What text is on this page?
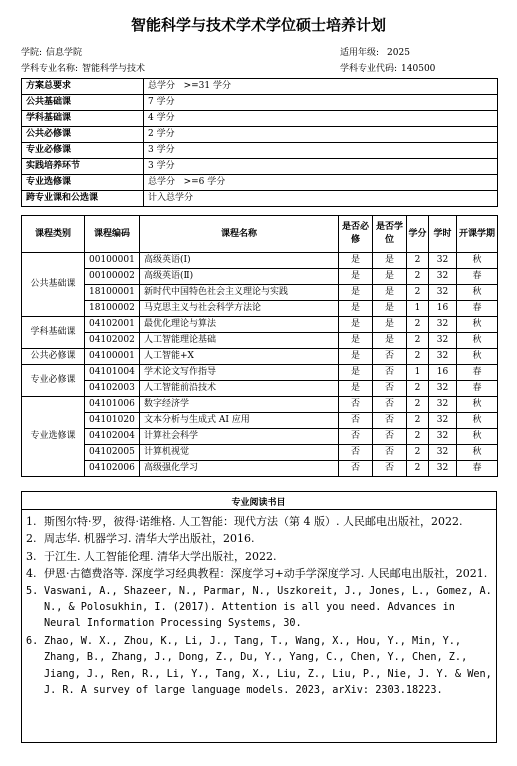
智能科学与技术学术学位硕士培养计划
学院: 信息学院	适用年级: 2025
学科专业名称: 智能科学与技术	学科专业代码: 140500
方案总要求	总学分   >=31 学分
公共基础课	7 学分
学科基础课	4 学分
公共必修课	2 学分
专业必修课	3 学分
实践培养环节	3 学分
专业选修课	总学分   >=6 学分
跨专业课和公选课	计入总学分
课程类别	课程编码	课程名称	是否必修	是否学位	学分	学时	开课学期
公共基础课	00100001	高级英语(Ⅰ)	是	是	2	32	秋
	00100002	高级英语(Ⅱ)	是	是	2	32	春
	18100001	新时代中国特色社会主义理论与实践	是	是	2	32	秋
	18100002	马克思主义与社会科学方法论	是	是	1	16	春
学科基础课	04102001	最优化理论与算法	是	是	2	32	秋
	04102002	人工智能理论基础	是	是	2	32	秋
公共必修课	04100001	人工智能+X	是	否	2	32	秋
专业必修课	04101004	学术论文写作指导	是	否	1	16	春
	04102003	人工智能前沿技术	是	否	2	32	春
专业选修课	04101006	数字经济学	否	否	2	32	秋
	04101020	文本分析与生成式 AI 应用	否	否	2	32	秋
	04102004	计算社会科学	否	否	2	32	秋
	04102005	计算机视觉	否	否	2	32	秋
	04102006	高级强化学习	否	否	2	32	春
专业阅读书目
1. 斯图尔特·罗，彼得·诺维格. 人工智能：现代方法（第 4 版）. 人民邮电出版社，2022.
2. 周志华. 机器学习. 清华大学出版社，2016.
3. 于江生. 人工智能伦理. 清华大学出版社，2022.
4. 伊恩·古德费洛等. 深度学习经典教程：深度学习+动手学深度学习. 人民邮电出版社，2021.
5. Vaswani, A., Shazeer, N., Parmar, N., Uszkoreit, J., Jones, L., Gomez, A. N., & Polosukhin, I. (2017). Attention is all you need. Advances in Neural Information Processing Systems, 30.
6. Zhao, W. X., Zhou, K., Li, J., Tang, T., Wang, X., Hou, Y., Min, Y., Zhang, B., Zhang, J., Dong, Z., Du, Y., Yang, C., Chen, Y., Chen, Z., Jiang, J., Ren, R., Li, Y., Tang, X., Liu, Z., Liu, P., Nie, J. Y. & Wen, J. R. A survey of large language models. 2023, arXiv: 2303.18223.
